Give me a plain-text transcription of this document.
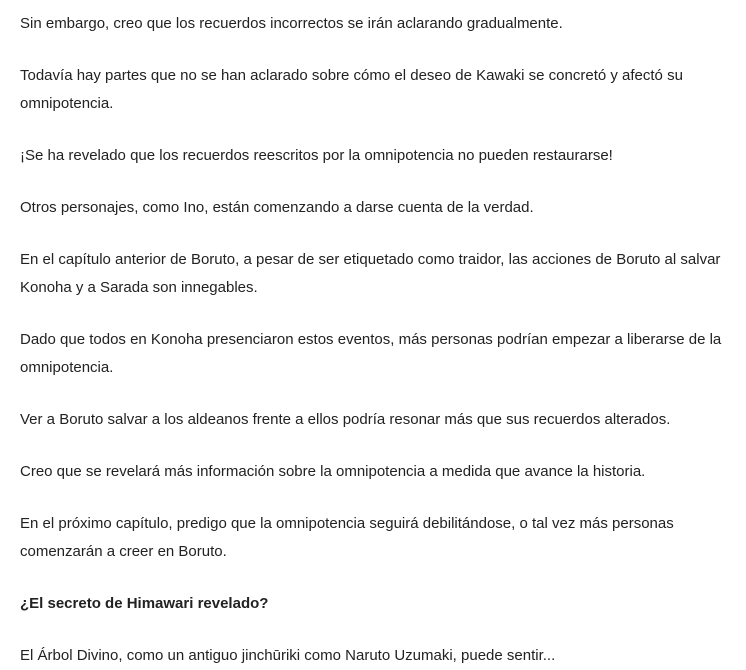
Sin embargo, creo que los recuerdos incorrectos se irán aclarando gradualmente.

Todavía hay partes que no se han aclarado sobre cómo el deseo de Kawaki se concretó y afectó su omnipotencia.

¡Se ha revelado que los recuerdos reescritos por la omnipotencia no pueden restaurarse!

Otros personajes, como Ino, están comenzando a darse cuenta de la verdad.

En el capítulo anterior de Boruto, a pesar de ser etiquetado como traidor, las acciones de Boruto al salvar Konoha y a Sarada son innegables.

Dado que todos en Konoha presenciaron estos eventos, más personas podrían empezar a liberarse de la omnipotencia.

Ver a Boruto salvar a los aldeanos frente a ellos podría resonar más que sus recuerdos alterados.

Creo que se revelará más información sobre la omnipotencia a medida que avance la historia.

En el próximo capítulo, predigo que la omnipotencia seguirá debilitándose, o tal vez más personas comenzarán a creer en Boruto.

¿El secreto de Himawari revelado?

El Árbol Divino, como un antiguo jinchūriki como Naruto Uzumaki, puede sentir...
